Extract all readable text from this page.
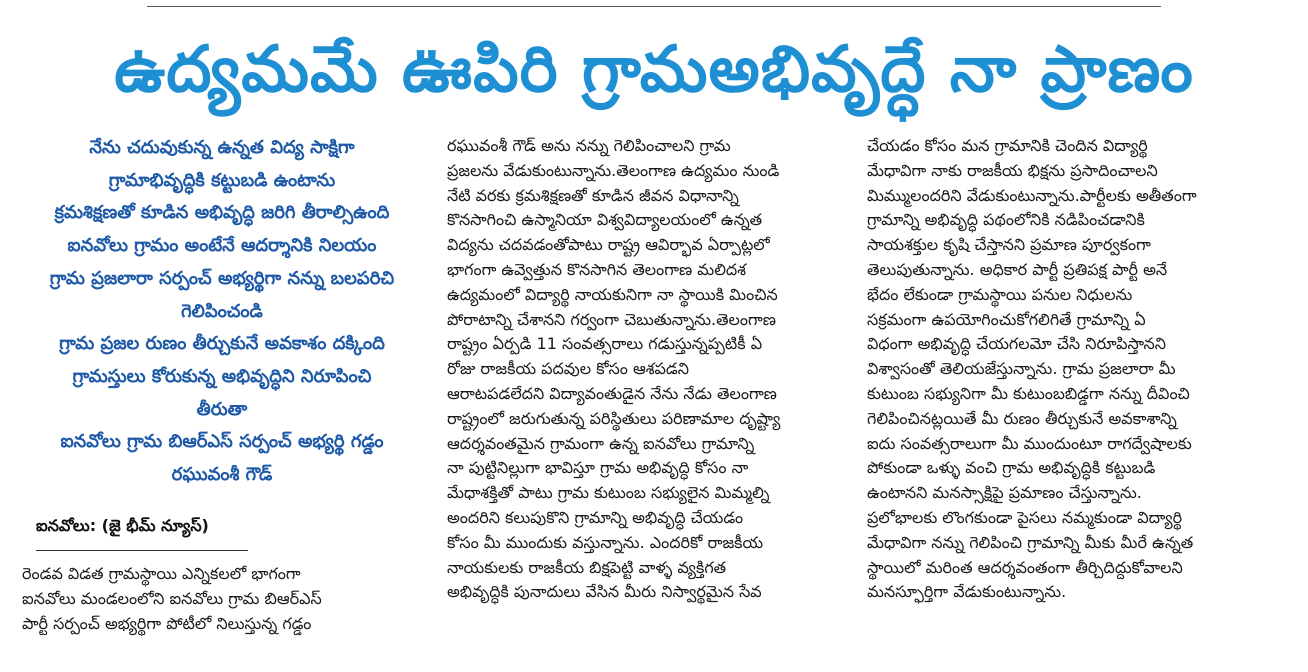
ఉద్యమమే ఊపిరి గ్రామఅభివృద్ధే నా ప్రాణం
నేను చదువుకున్న ఉన్నత విద్య సాక్షిగా
గ్రామాభివృద్ధికి కట్టుబడి ఉంటాను
క్రమశిక్షణతో కూడిన అభివృద్ధి జరిగి తీరాల్సిఉంది
ఐనవోలు గ్రామం అంటేనే ఆదర్శానికి నిలయం
గ్రామ ప్రజలారా సర్పంచ్ అభ్యర్థిగా నన్ను బలపరిచి
గెలిపించండి
గ్రామ ప్రజల రుణం తీర్చుకునే అవకాశం దక్కింది
గ్రామస్తులు కోరుకున్న అభివృద్ధిని నిరూపించి
తీరుతా
ఐనవోలు గ్రామ బిఆర్ఎస్ సర్పంచ్ అభ్యర్థి గడ్డం
రఘువంశీ గౌడ్
ఐనవోలు: (జై భీమ్ న్యూస్)
రెండవ విడత గ్రామస్థాయి ఎన్నికలలో భాగంగా
ఐనవోలు మండలంలోని ఐనవోలు గ్రామ బిఆర్ఎస్
పార్టీ సర్పంచ్ అభ్యర్థిగా పోటీలో నిలుస్తున్న గడ్డం
రఘువంశీ గౌడ్ అను నన్ను గెలిపించాలని గ్రామ
ప్రజలను వేడుకుంటున్నాను.తెలంగాణ ఉద్యమం నుండి
నేటి వరకు క్రమశిక్షణతో కూడిన జీవన విధానాన్ని
కొనసాగించి ఉస్మానియా విశ్వవిద్యాలయంలో ఉన్నత
విద్యను చదవడంతోపాటు రాష్ట్ర ఆవిర్భావ ఏర్పాట్లలో
భాగంగా ఉవ్వెత్తున కొనసాగిన తెలంగాణ మలిదశ
ఉద్యమంలో విద్యార్థి నాయకునిగా నా స్థాయికి మించిన
పోరాటాన్ని చేశానని గర్వంగా చెబుతున్నాను.తెలంగాణ
రాష్ట్రం ఏర్పడి 11 సంవత్సరాలు గడుస్తున్నప్పటికీ ఏ
రోజు రాజకీయ పదవుల కోసం ఆశపడని
ఆరాటపడలేదని విద్యావంతుడైన నేను నేడు తెలంగాణ
రాష్ట్రంలో జరుగుతున్న పరిస్థితులు పరిణామాల దృష్ట్యా
ఆదర్శవంతమైన గ్రామంగా ఉన్న ఐనవోలు గ్రామాన్ని
నా పుట్టినిల్లుగా భావిస్తూ గ్రామ అభివృద్ధి కోసం నా
మేధాశక్తితో పాటు గ్రామ కుటుంబ సభ్యులైన మిమ్మల్ని
అందరిని కలుపుకొని గ్రామాన్ని అభివృద్ధి చేయడం
కోసం మీ ముందుకు వస్తున్నాను. ఎందరికో రాజకీయ
నాయకులకు రాజకీయ బిక్షపెట్టి వాళ్ళ వ్యక్తిగత
అభివృద్ధికి పునాదులు వేసిన మీరు నిస్వార్థమైన సేవ
చేయడం కోసం మన గ్రామానికి చెందిన విద్యార్థి
మేధావిగా నాకు రాజకీయ భిక్షను ప్రసాదించాలని
మిమ్ములందరిని వేడుకుంటున్నాను.పార్టీలకు అతీతంగా
గ్రామాన్ని అభివృద్ధి పథంలోనికి నడిపించడానికి
సాయశక్తుల కృషి చేస్తానని ప్రమాణ పూర్వకంగా
తెలుపుతున్నాను. అధికార పార్టీ ప్రతిపక్ష పార్టీ అనే
భేదం లేకుండా గ్రామస్థాయి పనుల నిధులను
సక్రమంగా ఉపయోగించుకోగలిగితే గ్రామాన్ని ఏ
విధంగా అభివృద్ధి చేయగలమో చేసి నిరూపిస్తానని
విశ్వాసంతో తెలియజేస్తున్నాను. గ్రామ ప్రజలారా మీ
కుటుంబ సభ్యునిగా మీ కుటుంబబిడ్డగా నన్ను దీవించి
గెలిపించినట్లయితే మీ రుణం తీర్చుకునే అవకాశాన్ని
ఐదు సంవత్సరాలుగా మీ ముందుంటూ రాగద్వేషాలకు
పోకుండా ఒళ్ళు వంచి గ్రామ అభివృద్ధికి కట్టుబడి
ఉంటానని మనస్సాక్షిపై ప్రమాణం చేస్తున్నాను.
ప్రలోభాలకు లొంగకుండా పైసలు నమ్మకుండా విద్యార్థి
మేధావిగా నన్ను గెలిపించి గ్రామాన్ని మీకు మీరే ఉన్నత
స్థాయిలో మరింత ఆదర్శవంతంగా తీర్చిదిద్దుకోవాలని
మనస్ఫూర్తిగా వేడుకుంటున్నాను.
